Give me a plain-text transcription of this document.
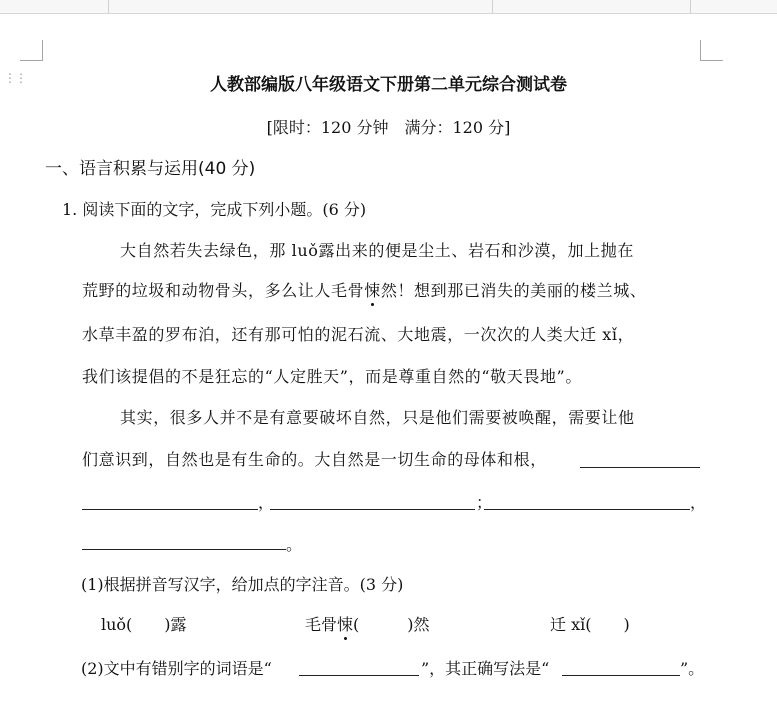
⋮⋮	人教部编版八年级语文下册第二单元综合测试卷
[限时：120 分钟　满分：120 分]
一、语言积累与运用(40 分)
1. 阅读下面的文字，完成下列小题。(6 分)
大自然若失去绿色，那 luǒ露出来的便是尘土、岩石和沙漠，加上抛在
荒野的垃圾和动物骨头，多么让人毛骨悚然！想到那已消失的美丽的楼兰城、
水草丰盈的罗布泊，还有那可怕的泥石流、大地震，一次次的人类大迁 xǐ，
我们该提倡的不是狂忘的“人定胜天”，而是尊重自然的“敬天畏地”。
其实，很多人并不是有意要破坏自然，只是他们需要被唤醒，需要让他
们意识到，自然也是有生命的。大自然是一切生命的母体和根，
，	；	，
。
(1)根据拼音写汉字，给加点的字注音。(3 分)
luǒ(　　)露	毛骨悚(　　　)然	迁 xǐ(　　)
(2)文中有错别字的词语是“	”，其正确写法是“	”。
